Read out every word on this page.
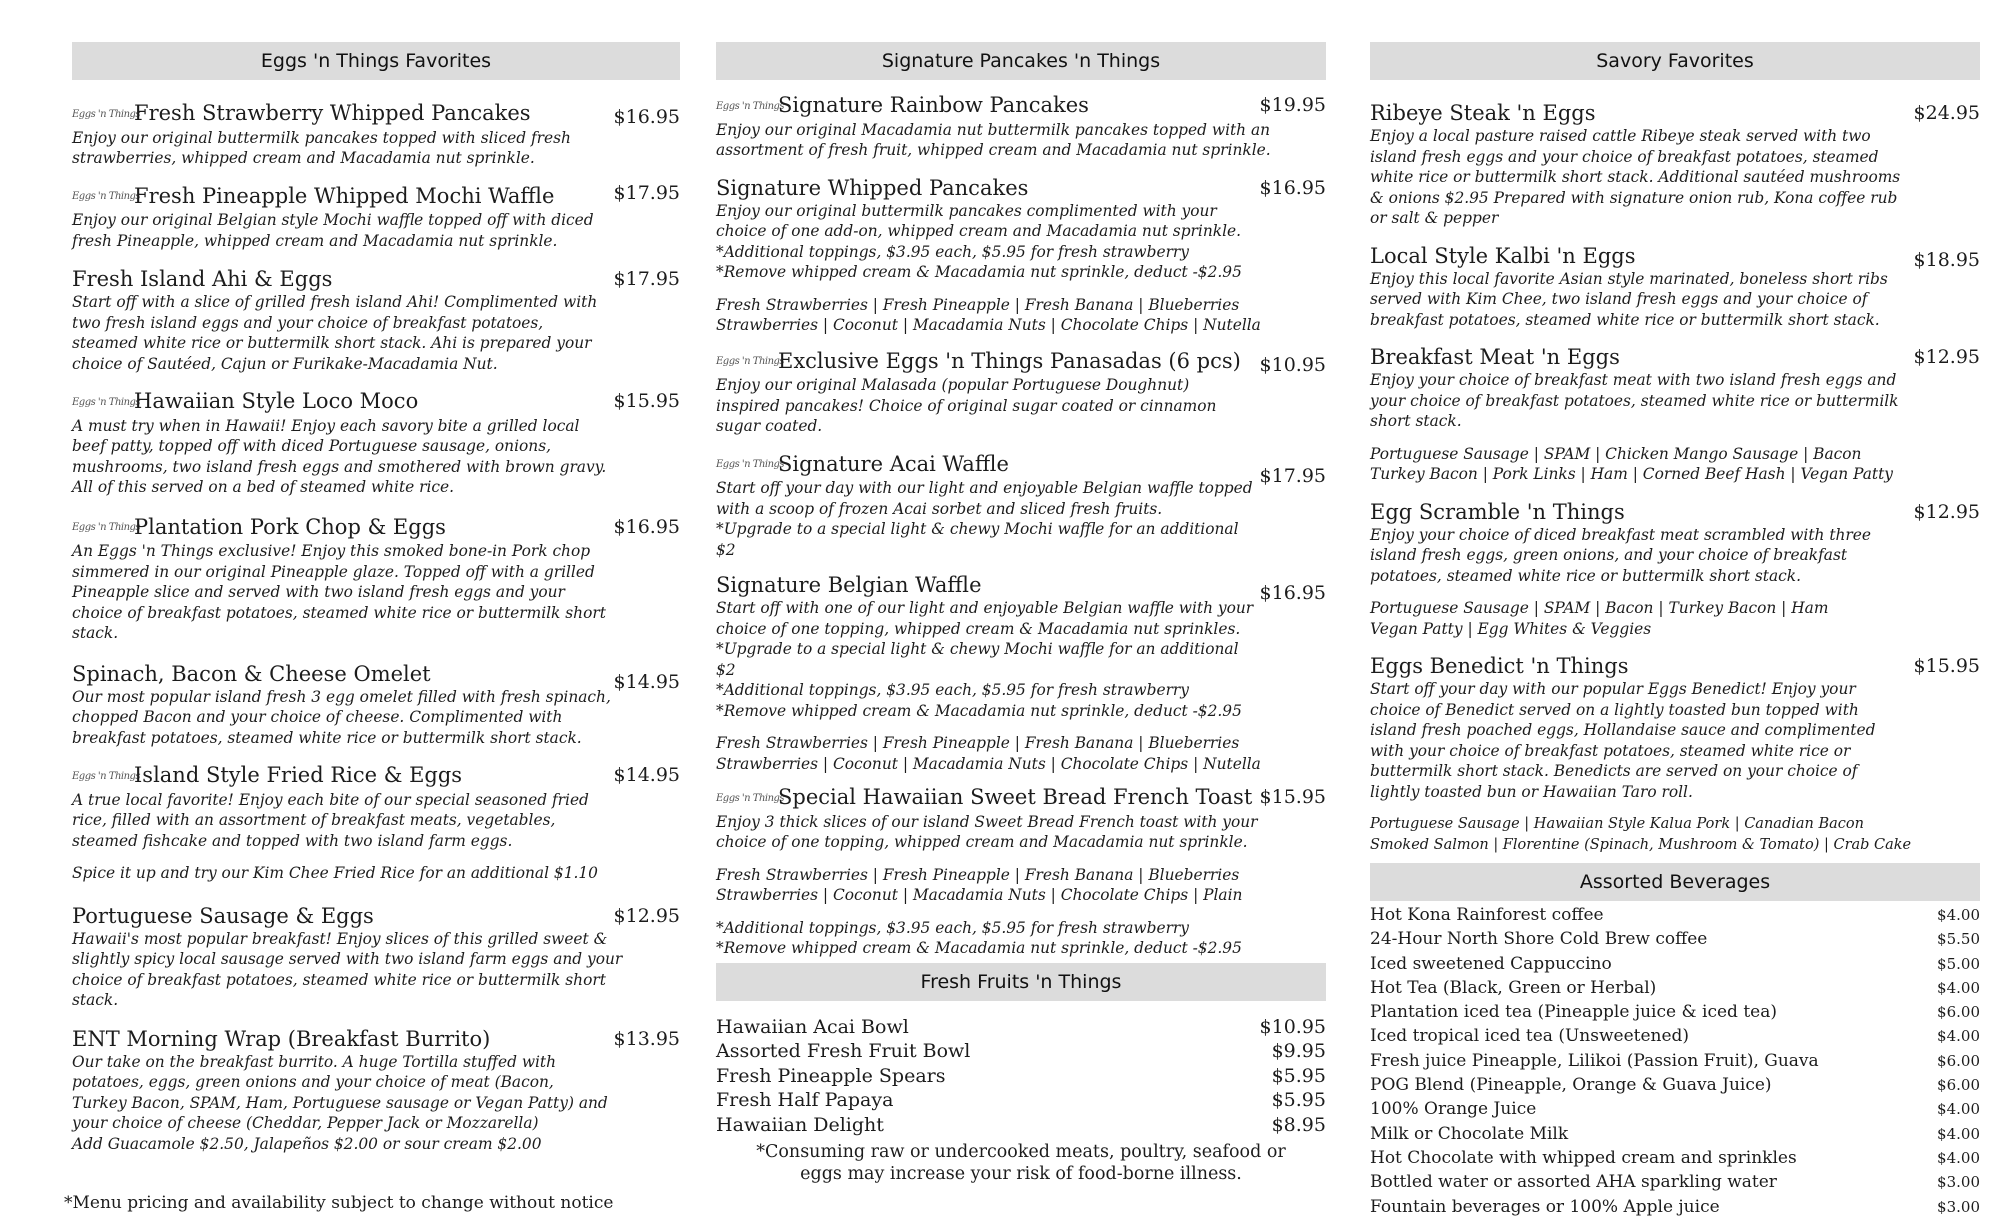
Eggs 'n Things Favorites
Eggs 'n ThingsFresh Strawberry Whipped Pancakes	$16.95
Enjoy our original buttermilk pancakes topped with sliced fresh strawberries, whipped cream and Macadamia nut sprinkle.
Eggs 'n ThingsFresh Pineapple Whipped Mochi Waffle	$17.95
Enjoy our original Belgian style Mochi waffle topped off with diced fresh Pineapple, whipped cream and Macadamia nut sprinkle.
Fresh Island Ahi & Eggs	$17.95
Start off with a slice of grilled fresh island Ahi! Complimented with two fresh island eggs and your choice of breakfast potatoes, steamed white rice or buttermilk short stack. Ahi is prepared your choice of Sautéed, Cajun or Furikake-Macadamia Nut.
Eggs 'n ThingsHawaiian Style Loco Moco	$15.95
A must try when in Hawaii! Enjoy each savory bite a grilled local beef patty, topped off with diced Portuguese sausage, onions, mushrooms, two island fresh eggs and smothered with brown gravy. All of this served on a bed of steamed white rice.
Eggs 'n ThingsPlantation Pork Chop & Eggs	$16.95
An Eggs 'n Things exclusive! Enjoy this smoked bone-in Pork chop simmered in our original Pineapple glaze. Topped off with a grilled Pineapple slice and served with two island fresh eggs and your choice of breakfast potatoes, steamed white rice or buttermilk short stack.
Spinach, Bacon & Cheese Omelet	$14.95
Our most popular island fresh 3 egg omelet filled with fresh spinach, chopped Bacon and your choice of cheese. Complimented with breakfast potatoes, steamed white rice or buttermilk short stack.
Eggs 'n ThingsIsland Style Fried Rice & Eggs	$14.95
A true local favorite! Enjoy each bite of our special seasoned fried rice, filled with an assortment of breakfast meats, vegetables, steamed fishcake and topped with two island farm eggs.
Spice it up and try our Kim Chee Fried Rice for an additional $1.10
Portuguese Sausage & Eggs	$12.95
Hawaii's most popular breakfast! Enjoy slices of this grilled sweet & slightly spicy local sausage served with two island farm eggs and your choice of breakfast potatoes, steamed white rice or buttermilk short stack.
ENT Morning Wrap (Breakfast Burrito)	$13.95
Our take on the breakfast burrito. A huge Tortilla stuffed with potatoes, eggs, green onions and your choice of meat (Bacon, Turkey Bacon, SPAM, Ham, Portuguese sausage or Vegan Patty) and your choice of cheese (Cheddar, Pepper Jack or Mozzarella)
Add Guacamole $2.50, Jalapeños $2.00 or sour cream $2.00
*Menu pricing and availability subject to change without notice
Signature Pancakes 'n Things
Eggs 'n ThingsSignature Rainbow Pancakes	$19.95
Enjoy our original Macadamia nut buttermilk pancakes topped with an assortment of fresh fruit, whipped cream and Macadamia nut sprinkle.
Signature Whipped Pancakes	$16.95
Enjoy our original buttermilk pancakes complimented with your choice of one add-on, whipped cream and Macadamia nut sprinkle.
*Additional toppings, $3.95 each, $5.95 for fresh strawberry
*Remove whipped cream & Macadamia nut sprinkle, deduct -$2.95
Fresh Strawberries | Fresh Pineapple | Fresh Banana | Blueberries
Strawberries | Coconut | Macadamia Nuts | Chocolate Chips | Nutella
Eggs 'n ThingsExclusive Eggs 'n Things Panasadas (6 pcs) $10.95
Enjoy our original Malasada (popular Portuguese Doughnut) inspired pancakes! Choice of original sugar coated or cinnamon sugar coated.
Eggs 'n ThingsSignature Acai Waffle	$17.95
Start off your day with our light and enjoyable Belgian waffle topped with a scoop of frozen Acai sorbet and sliced fresh fruits.
*Upgrade to a special light & chewy Mochi waffle for an additional $2
Signature Belgian Waffle	$16.95
Start off with one of our light and enjoyable Belgian waffle with your choice of one topping, whipped cream & Macadamia nut sprinkles.
*Upgrade to a special light & chewy Mochi waffle for an additional $2
*Additional toppings, $3.95 each, $5.95 for fresh strawberry
*Remove whipped cream & Macadamia nut sprinkle, deduct -$2.95
Fresh Strawberries | Fresh Pineapple | Fresh Banana | Blueberries
Strawberries | Coconut | Macadamia Nuts | Chocolate Chips | Nutella
Eggs 'n ThingsSpecial Hawaiian Sweet Bread French Toast $15.95
Enjoy 3 thick slices of our island Sweet Bread French toast with your choice of one topping, whipped cream and Macadamia nut sprinkle.
Fresh Strawberries | Fresh Pineapple | Fresh Banana | Blueberries
Strawberries | Coconut | Macadamia Nuts | Chocolate Chips | Plain
*Additional toppings, $3.95 each, $5.95 for fresh strawberry
*Remove whipped cream & Macadamia nut sprinkle, deduct -$2.95
Fresh Fruits 'n Things
Hawaiian Acai Bowl	$10.95
Assorted Fresh Fruit Bowl	$9.95
Fresh Pineapple Spears	$5.95
Fresh Half Papaya	$5.95
Hawaiian Delight	$8.95
*Consuming raw or undercooked meats, poultry, seafood or
eggs may increase your risk of food-borne illness.
Savory Favorites
Ribeye Steak 'n Eggs	$24.95
Enjoy a local pasture raised cattle Ribeye steak served with two island fresh eggs and your choice of breakfast potatoes, steamed white rice or buttermilk short stack. Additional sautéed mushrooms & onions $2.95 Prepared with signature onion rub, Kona coffee rub or salt & pepper
Local Style Kalbi 'n Eggs	$18.95
Enjoy this local favorite Asian style marinated, boneless short ribs served with Kim Chee, two island fresh eggs and your choice of breakfast potatoes, steamed white rice or buttermilk short stack.
Breakfast Meat 'n Eggs	$12.95
Enjoy your choice of breakfast meat with two island fresh eggs and your choice of breakfast potatoes, steamed white rice or buttermilk short stack.
Portuguese Sausage | SPAM | Chicken Mango Sausage | Bacon
Turkey Bacon | Pork Links | Ham | Corned Beef Hash | Vegan Patty
Egg Scramble 'n Things	$12.95
Enjoy your choice of diced breakfast meat scrambled with three island fresh eggs, green onions, and your choice of breakfast potatoes, steamed white rice or buttermilk short stack.
Portuguese Sausage | SPAM | Bacon | Turkey Bacon | Ham
Vegan Patty | Egg Whites & Veggies
Eggs Benedict 'n Things	$15.95
Start off your day with our popular Eggs Benedict! Enjoy your choice of Benedict served on a lightly toasted bun topped with island fresh poached eggs, Hollandaise sauce and complimented with your choice of breakfast potatoes, steamed white rice or buttermilk short stack. Benedicts are served on your choice of lightly toasted bun or Hawaiian Taro roll.
Portuguese Sausage | Hawaiian Style Kalua Pork | Canadian Bacon
Smoked Salmon | Florentine (Spinach, Mushroom & Tomato) | Crab Cake
Assorted Beverages
Hot Kona Rainforest coffee	$4.00
24-Hour North Shore Cold Brew coffee	$5.50
Iced sweetened Cappuccino	$5.00
Hot Tea (Black, Green or Herbal)	$4.00
Plantation iced tea (Pineapple juice & iced tea)	$6.00
Iced tropical iced tea (Unsweetened)	$4.00
Fresh juice Pineapple, Lilikoi (Passion Fruit), Guava	$6.00
POG Blend (Pineapple, Orange & Guava Juice)	$6.00
100% Orange Juice	$4.00
Milk or Chocolate Milk	$4.00
Hot Chocolate with whipped cream and sprinkles	$4.00
Bottled water or assorted AHA sparkling water	$3.00
Fountain beverages or 100% Apple juice	$3.00
